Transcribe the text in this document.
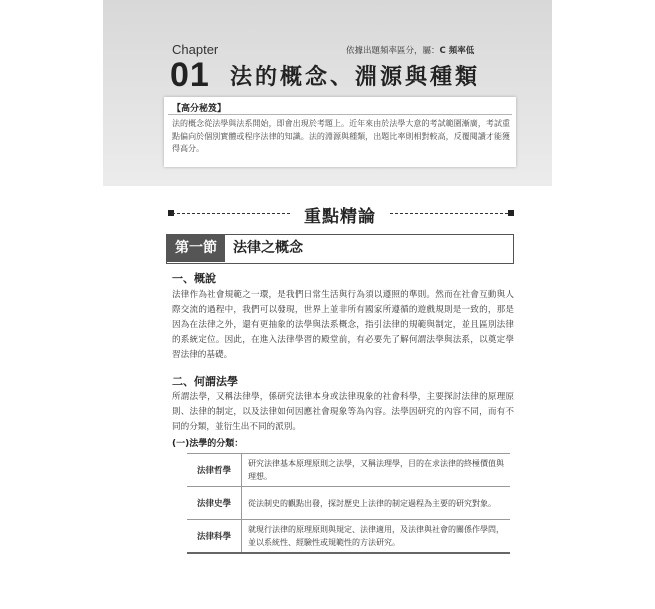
Chapter	依據出題頻率區分，屬：C 頻率低
01 法的概念、淵源與種類
【高分秘笈】
法的概念從法學與法系開始，即會出現於考題上。近年來由於法學大意的考試範圍漸廣，考試重點偏向於個別實體或程序法律的知識。法的淵源與種類，出題比率則相對較高，反覆閱讀才能獲得高分。
重點精論
第一節	法律之概念
一、概說
法律作為社會規範之一環，是我們日常生活與行為須以遵照的準則。然而在社會互動與人際交流的過程中，我們可以發現，世界上並非所有國家所遵循的遊戲規則是一致的，那是因為在法律之外，還有更抽象的法學與法系概念，指引法律的規範與制定，並且區別法律的系統定位。因此，在進入法律學習的殿堂前，有必要先了解何謂法學與法系，以奠定學習法律的基礎。
二、何謂法學
所謂法學，又稱法律學，係研究法律本身或法律現象的社會科學，主要探討法律的原理原則、法律的制定，以及法律如何因應社會現象等為內容。法學因研究的內容不同，而有不同的分類，並衍生出不同的派別。
(一)法學的分類：
法律哲學	研究法律基本原理原則之法學，又稱法理學，目的在求法律的終極價值與理想。
法律史學	從法制史的觀點出發，探討歷史上法律的制定過程為主要的研究對象。
法律科學	就現行法律的原理原則與規定、法律適用，及法律與社會的關係作學問，並以系統性、經驗性或規範性的方法研究。
